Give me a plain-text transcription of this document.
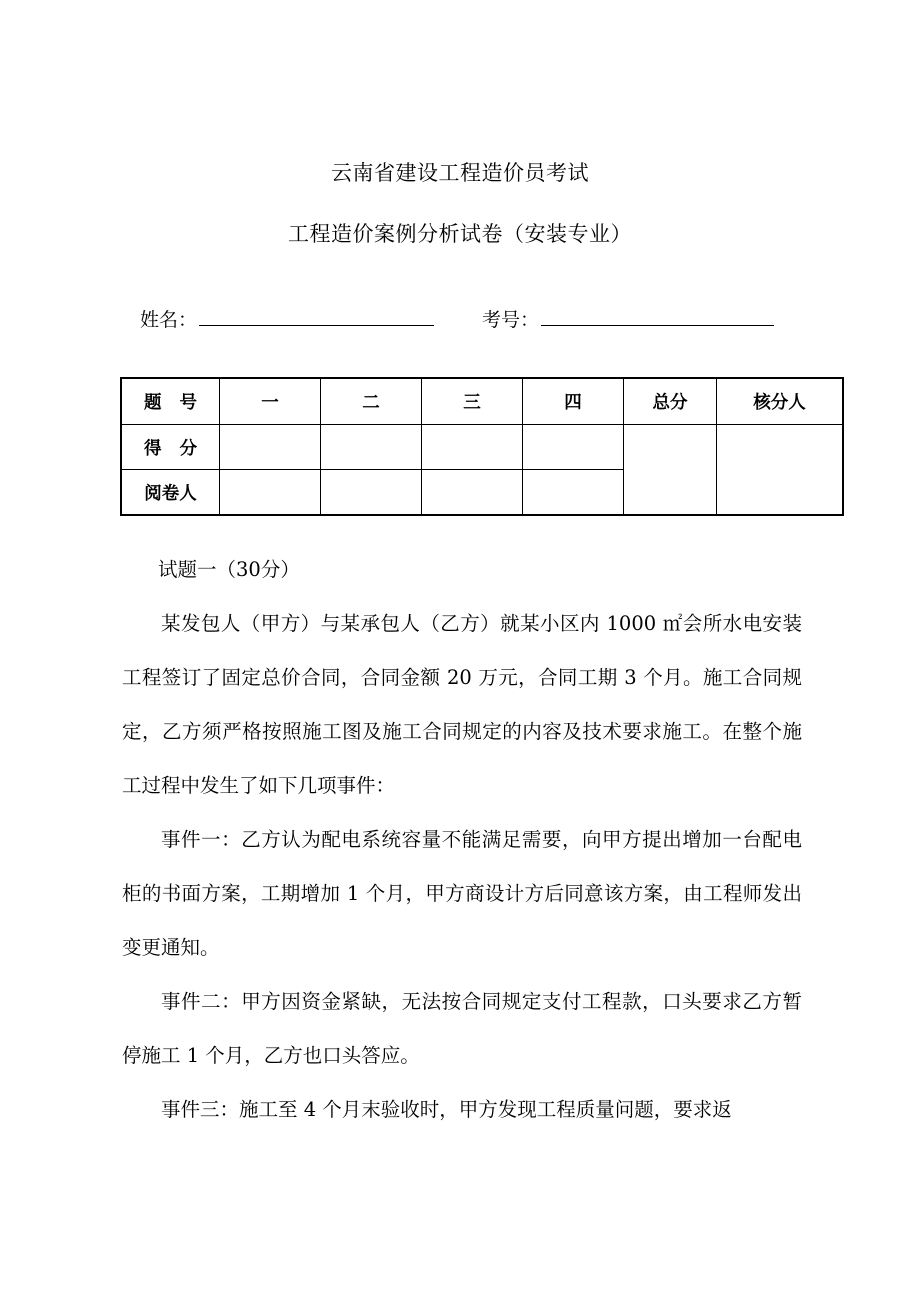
云南省建设工程造价员考试
工程造价案例分析试卷（安装专业）
姓名：	考号：
题 号	一	二	三	四	总分	核分人
得 分						
阅卷人						

试题一（30分）

某发包人（甲方）与某承包人（乙方）就某小区内 1000 ㎡会所水电安装工程签订了固定总价合同，合同金额 20 万元，合同工期 3 个月。施工合同规定，乙方须严格按照施工图及施工合同规定的内容及技术要求施工。在整个施工过程中发生了如下几项事件：

事件一：乙方认为配电系统容量不能满足需要，向甲方提出增加一台配电柜的书面方案，工期增加 1 个月，甲方商设计方后同意该方案，由工程师发出变更通知。

事件二：甲方因资金紧缺，无法按合同规定支付工程款，口头要求乙方暂停施工 1 个月，乙方也口头答应。

事件三：施工至 4 个月末验收时，甲方发现工程质量问题，要求返
